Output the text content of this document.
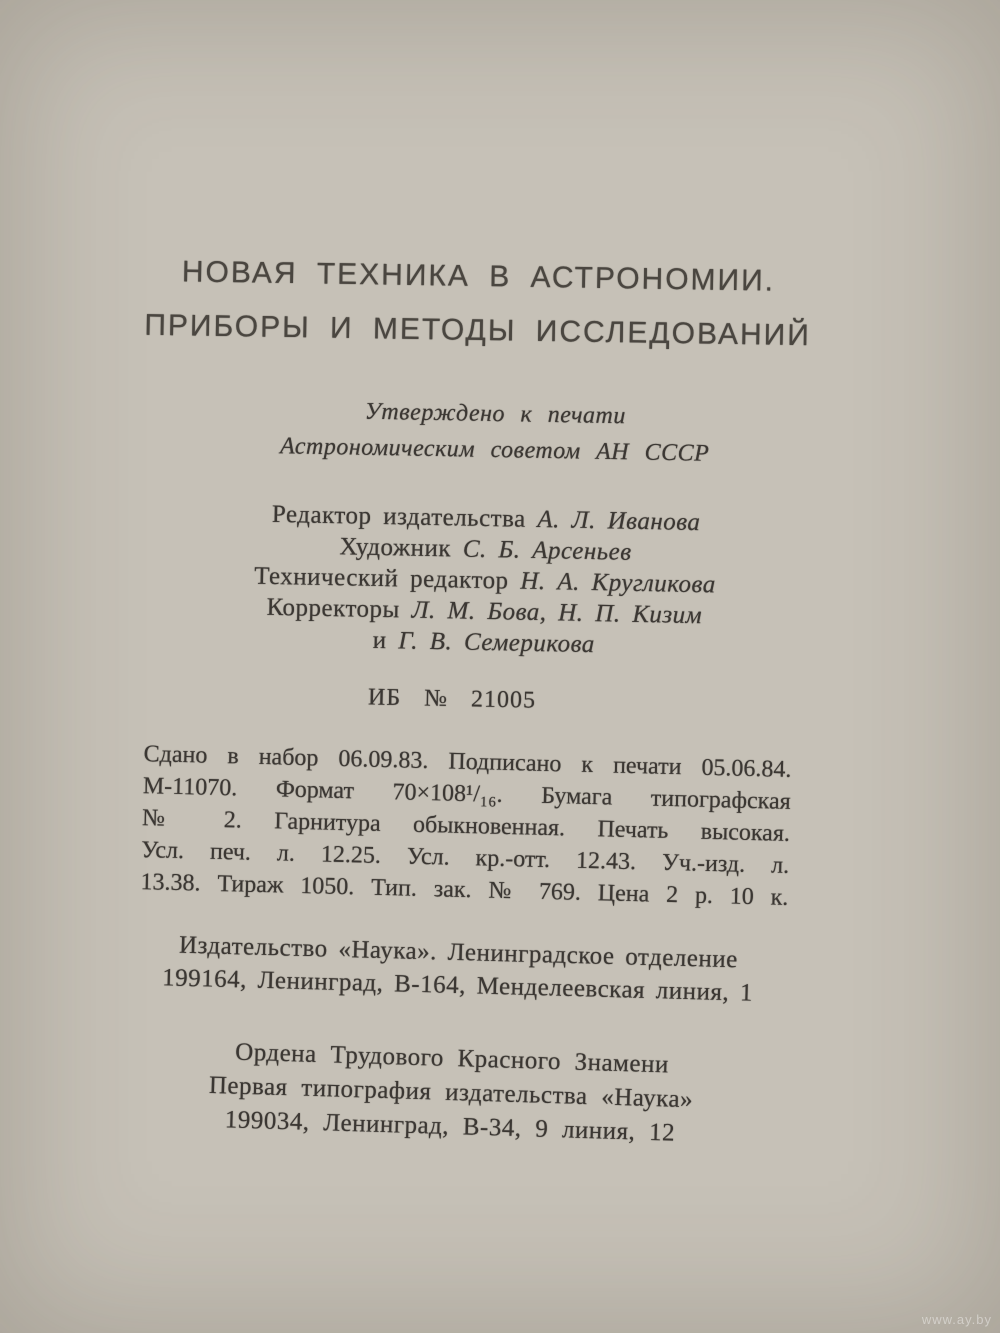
НОВАЯ ТЕХНИКА В АСТРОНОМИИ.
ПРИБОРЫ И МЕТОДЫ ИССЛЕДОВАНИЙ
Утверждено к печати
Астрономическим советом АН СССР
Редактор издательства А. Л. Иванова
Художник С. Б. Арсеньев
Технический редактор Н. А. Кругликова
Корректоры Л. М. Бова, Н. П. Кизим
и Г. В. Семерикова
ИБ № 21005
Сдано в набор 06.09.83. Подписано к печати 05.06.84.
М-11070. Формат 70×108¹/₁₆. Бумага типографская
№ 2. Гарнитура обыкновенная. Печать высокая.
Усл. печ. л. 12.25. Усл. кр.-отт. 12.43. Уч.-изд. л.
13.38. Тираж 1050. Тип. зак. № 769. Цена 2 р. 10 к.
Издательство «Наука». Ленинградское отделение
199164, Ленинград, В-164, Менделеевская линия, 1
Ордена Трудового Красного Знамени
Первая типография издательства «Наука»
199034, Ленинград, В-34, 9 линия, 12
www.ay.by
